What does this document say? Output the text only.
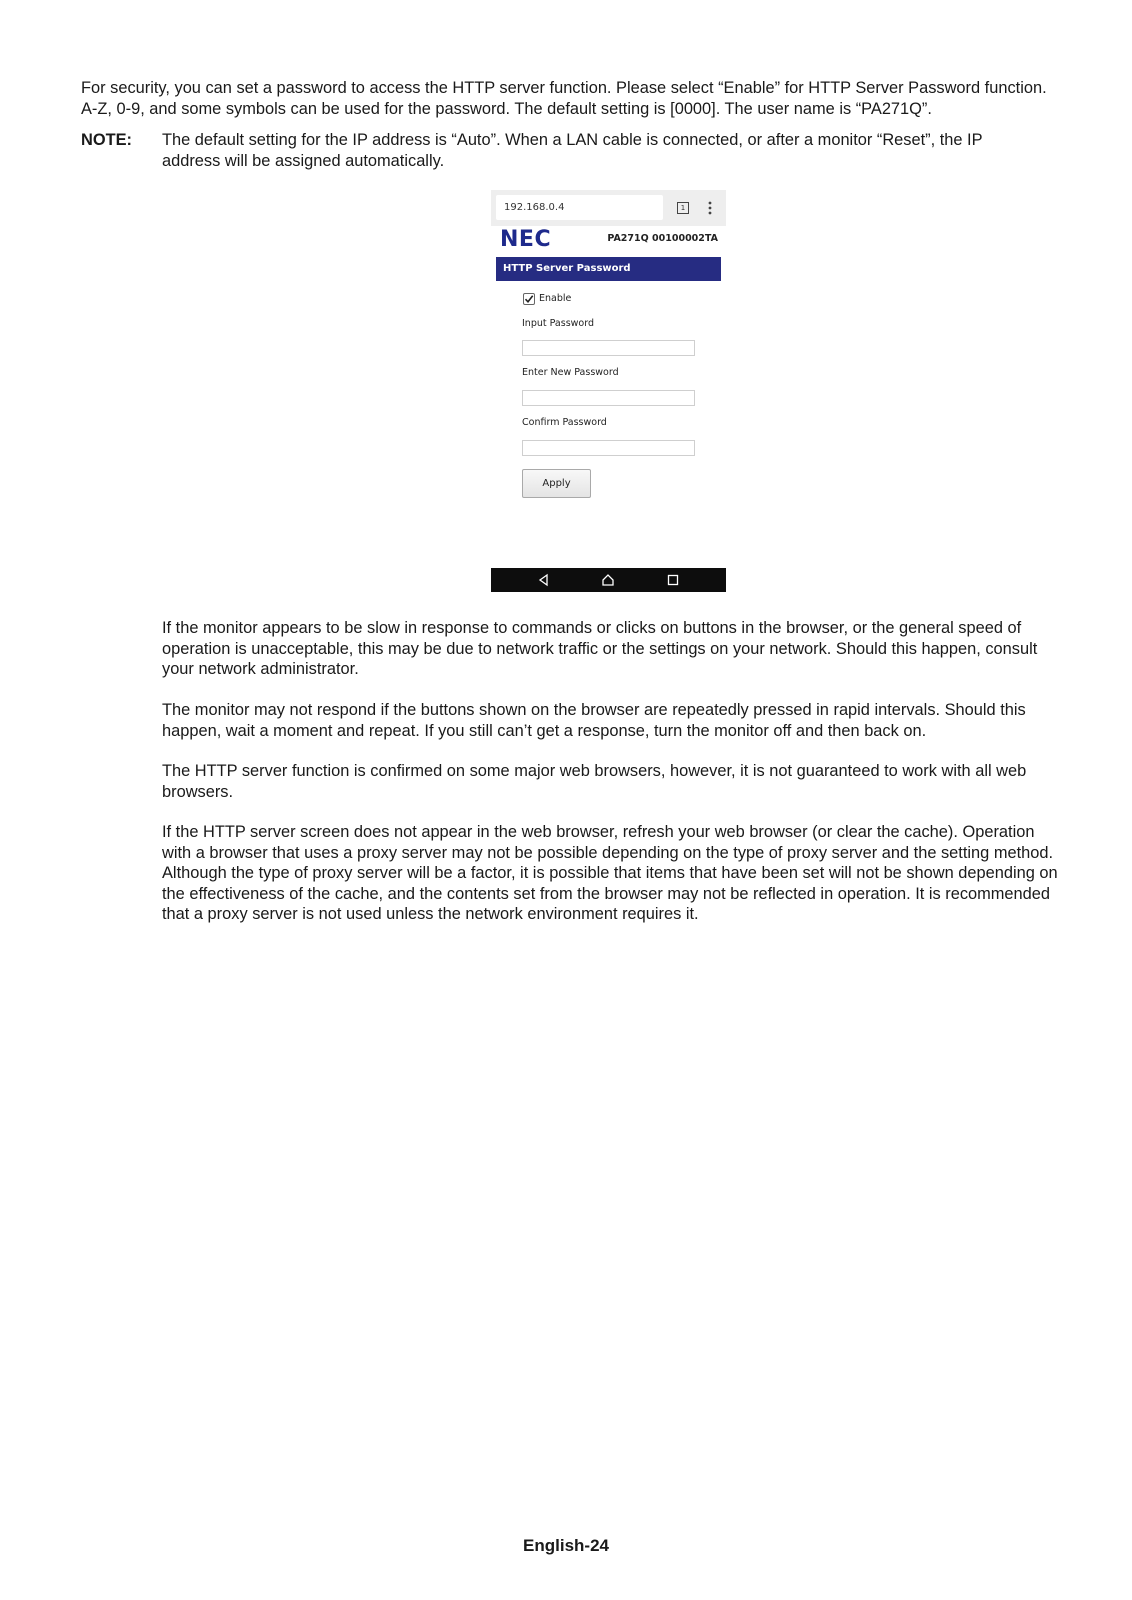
For security, you can set a password to access the HTTP server function. Please select “Enable” for HTTP Server Password function. A-Z, 0-9, and some symbols can be used for the password. The default setting is [0000]. The user name is “PA271Q”.

NOTE: The default setting for the IP address is “Auto”. When a LAN cable is connected, or after a monitor “Reset”, the IP address will be assigned automatically.

192.168.0.4	1
NEC	PA271Q 00100002TA
HTTP Server Password
Enable
Input Password
Enter New Password
Confirm Password
Apply

If the monitor appears to be slow in response to commands or clicks on buttons in the browser, or the general speed of operation is unacceptable, this may be due to network traffic or the settings on your network. Should this happen, consult your network administrator.

The monitor may not respond if the buttons shown on the browser are repeatedly pressed in rapid intervals. Should this happen, wait a moment and repeat. If you still can’t get a response, turn the monitor off and then back on.

The HTTP server function is confirmed on some major web browsers, however, it is not guaranteed to work with all web browsers.

If the HTTP server screen does not appear in the web browser, refresh your web browser (or clear the cache). Operation with a browser that uses a proxy server may not be possible depending on the type of proxy server and the setting method. Although the type of proxy server will be a factor, it is possible that items that have been set will not be shown depending on the effectiveness of the cache, and the contents set from the browser may not be reflected in operation. It is recommended that a proxy server is not used unless the network environment requires it.

English-24
